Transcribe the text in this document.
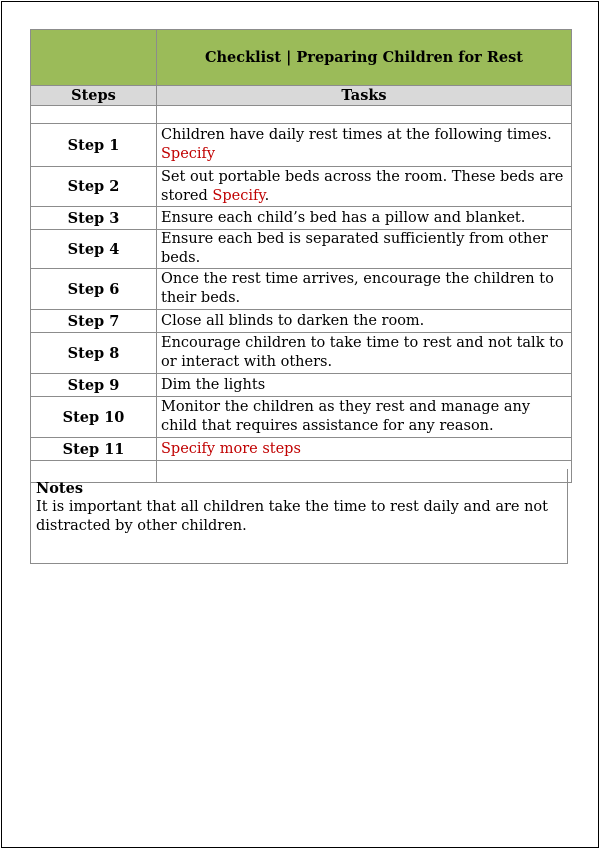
	Checklist | Preparing Children for Rest
Steps	Tasks

Step 1	Children have daily rest times at the following times.
Specify
Step 2	Set out portable beds across the room. These beds are stored Specify.
Step 3	Ensure each child’s bed has a pillow and blanket.
Step 4	Ensure each bed is separated sufficiently from other beds.
Step 6	Once the rest time arrives, encourage the children to their beds.
Step 7	Close all blinds to darken the room.
Step 8	Encourage children to take time to rest and not talk to or interact with others.
Step 9	Dim the lights
Step 10	Monitor the children as they rest and manage any child that requires assistance for any reason.
Step 11	Specify more steps

Notes
It is important that all children take the time to rest daily and are not distracted by other children.
